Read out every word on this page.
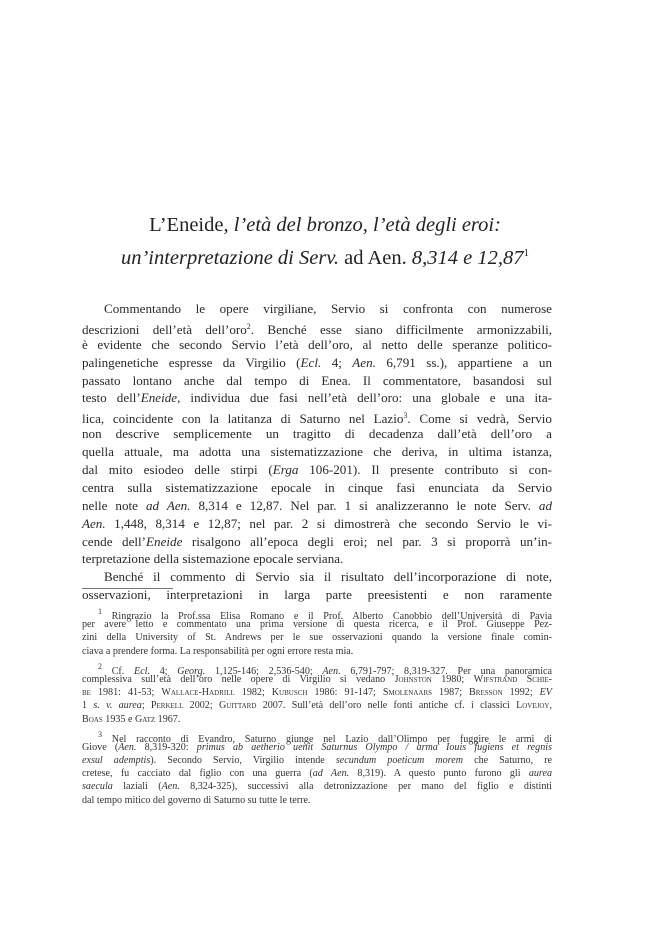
L’Eneide, l’età del bronzo, l’età degli eroi:
un’interpretazione di Serv. ad Aen. 8,314 e 12,87$^1$
Commentando le opere virgiliane, Servio si confronta con numerose
descrizioni dell’età dell’oro$^2$. Benché esse siano difficilmente armonizzabili,
è evidente che secondo Servio l’età dell’oro, al netto delle speranze politico-
palingenetiche espresse da Virgilio (Ecl. 4; Aen. 6,791 ss.), appartiene a un
passato lontano anche dal tempo di Enea. Il commentatore, basandosi sul
testo dell’Eneide, individua due fasi nell’età dell’oro: una globale e una ita-
lica, coincidente con la latitanza di Saturno nel Lazio$^3$. Come si vedrà, Servio
non descrive semplicemente un tragitto di decadenza dall’età dell’oro a
quella attuale, ma adotta una sistematizzazione che deriva, in ultima istanza,
dal mito esiodeo delle stirpi (Erga 106-201). Il presente contributo si con-
centra sulla sistematizzazione epocale in cinque fasi enunciata da Servio
nelle note ad Aen. 8,314 e 12,87. Nel par. 1 si analizzeranno le note Serv. ad
Aen. 1,448, 8,314 e 12,87; nel par. 2 si dimostrerà che secondo Servio le vi-
cende dell’Eneide risalgono all’epoca degli eroi; nel par. 3 si proporrà un’in-
terpretazione della sistemazione epocale serviana.
Benché il commento di Servio sia il risultato dell’incorporazione di note,
osservazioni, interpretazioni in larga parte preesistenti e non raramente
$^1$ Ringrazio la Prof.ssa Elisa Romano e il Prof. Alberto Canobbio dell’Università di Pavia
per avere letto e commentato una prima versione di questa ricerca, e il Prof. Giuseppe Pez-
zini della University of St. Andrews per le sue osservazioni quando la versione finale comin-
ciava a prendere forma. La responsabilità per ogni errore resta mia.
$^2$ Cf. Ecl. 4; Georg. 1,125-146; 2,536-540; Aen. 6,791-797; 8,319-327. Per una panoramica
complessiva sull’età dell’oro nelle opere di Virgilio si vedano Johnston 1980; Wifstrand Schie-
be 1981: 41-53; Wallace-Hadrill 1982; Kubusch 1986: 91-147; Smolenaars 1987; Bresson 1992; EV
1 s. v. aurea; Perkell 2002; Guittard 2007. Sull’età dell’oro nelle fonti antiche cf. i classici Lovejoy,
Boas 1935 e Gatz 1967.
$^3$ Nel racconto di Evandro, Saturno giunge nel Lazio dall’Olimpo per fuggire le armi di
Giove (Aen. 8,319-320: primus ab aetherio uenit Saturnus Olympo / arma Iouis fugiens et regnis
exsul ademptis). Secondo Servio, Virgilio intende secundum poeticum morem che Saturno, re
cretese, fu cacciato dal figlio con una guerra (ad Aen. 8,319). A questo punto furono gli aurea
saecula laziali (Aen. 8,324-325), successivi alla detronizzazione per mano del figlio e distinti
dal tempo mitico del governo di Saturno su tutte le terre.
